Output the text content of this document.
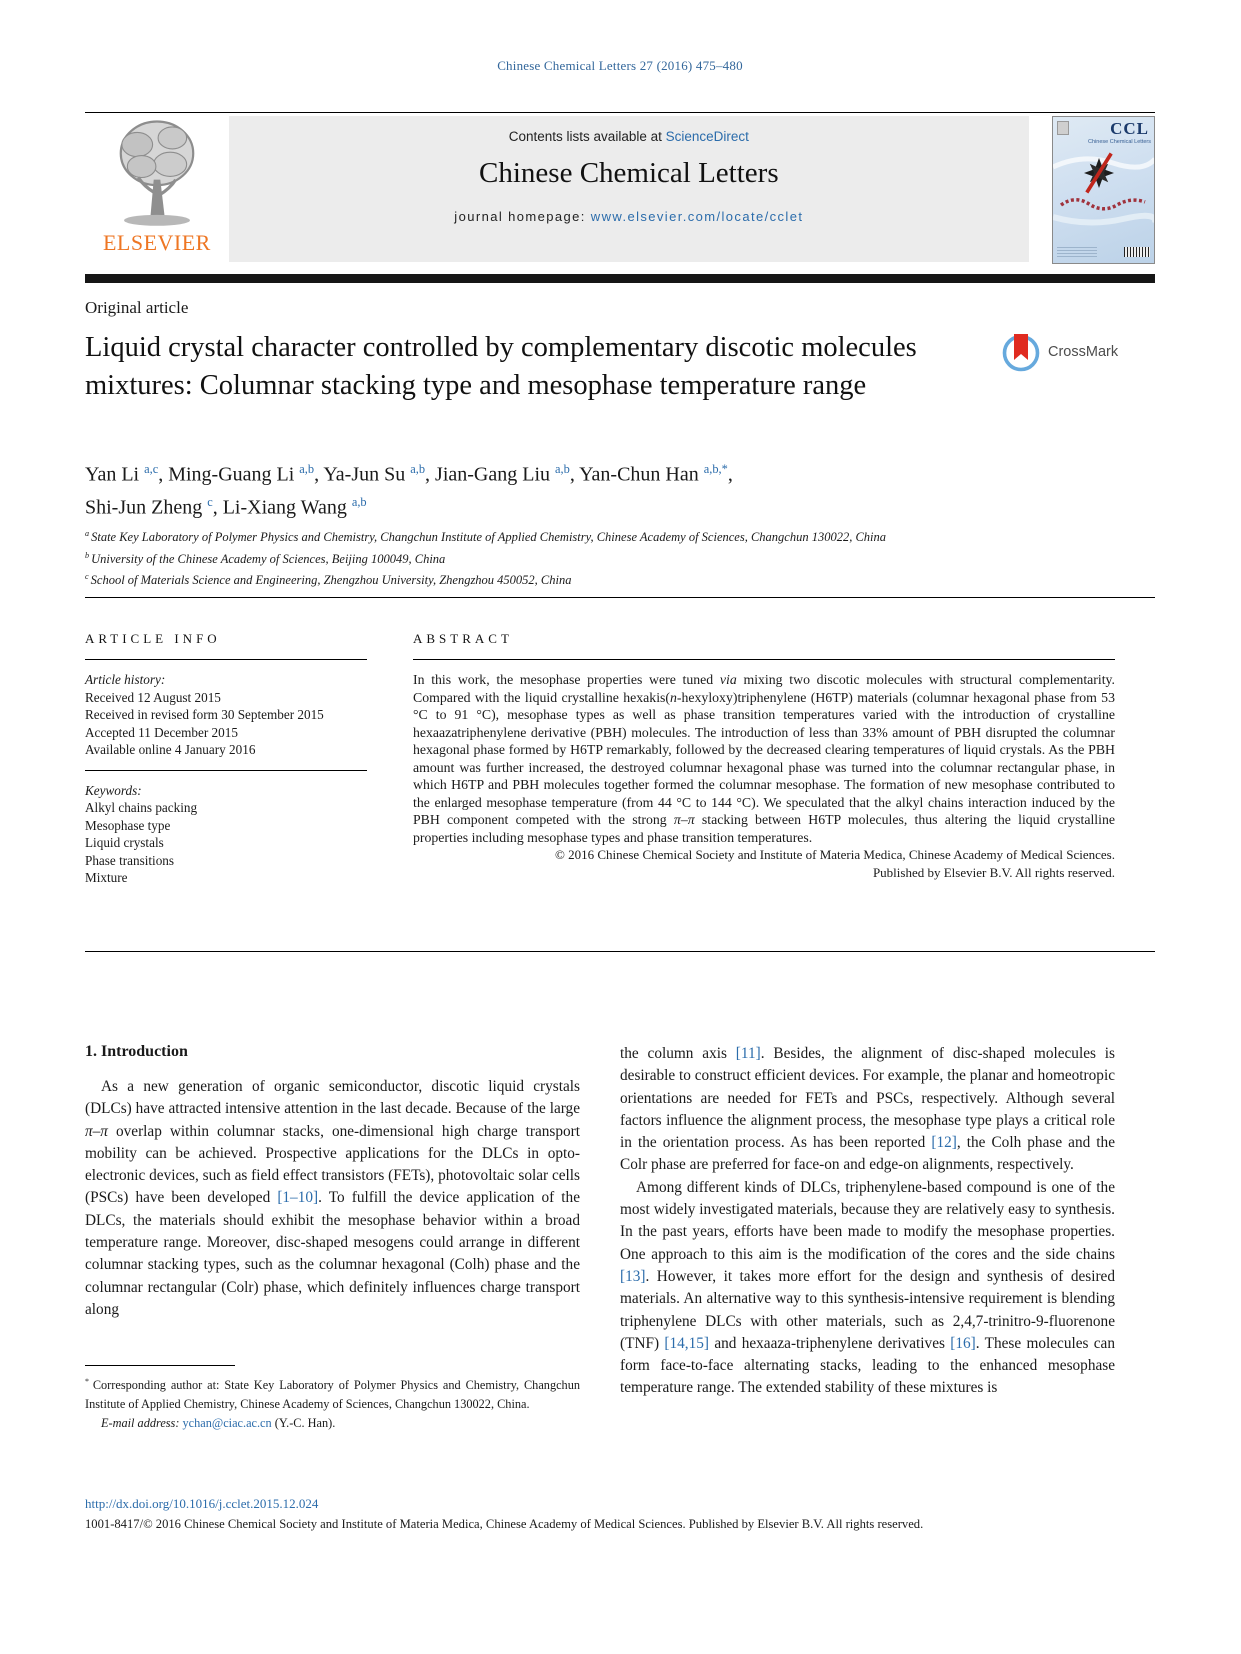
Chinese Chemical Letters 27 (2016) 475–480
ELSEVIER
Contents lists available at ScienceDirect
Chinese Chemical Letters
journal homepage: www.elsevier.com/locate/cclet
CCL
Chinese Chemical Letters
Original article
Liquid crystal character controlled by complementary discotic molecules mixtures: Columnar stacking type and mesophase temperature range
CrossMark
Yan Li $^{a,c}$, Ming-Guang Li $^{a,b}$, Ya-Jun Su $^{a,b}$, Jian-Gang Liu $^{a,b}$, Yan-Chun Han $^{a,b,*}$,
Shi-Jun Zheng $^c$, Li-Xiang Wang $^{a,b}$
$^a$ State Key Laboratory of Polymer Physics and Chemistry, Changchun Institute of Applied Chemistry, Chinese Academy of Sciences, Changchun 130022, China
$^b$ University of the Chinese Academy of Sciences, Beijing 100049, China
$^c$ School of Materials Science and Engineering, Zhengzhou University, Zhengzhou 450052, China
ARTICLE INFO
Article history:
Received 12 August 2015
Received in revised form 30 September 2015
Accepted 11 December 2015
Available online 4 January 2016
Keywords:
Alkyl chains packing
Mesophase type
Liquid crystals
Phase transitions
Mixture
ABSTRACT
In this work, the mesophase properties were tuned via mixing two discotic molecules with structural complementarity. Compared with the liquid crystalline hexakis(n-hexyloxy)triphenylene (H6TP) materials (columnar hexagonal phase from 53 °C to 91 °C), mesophase types as well as phase transition temperatures varied with the introduction of crystalline hexaazatriphenylene derivative (PBH) molecules. The introduction of less than 33% amount of PBH disrupted the columnar hexagonal phase formed by H6TP remarkably, followed by the decreased clearing temperatures of liquid crystals. As the PBH amount was further increased, the destroyed columnar hexagonal phase was turned into the columnar rectangular phase, in which H6TP and PBH molecules together formed the columnar mesophase. The formation of new mesophase contributed to the enlarged mesophase temperature (from 44 °C to 144 °C). We speculated that the alkyl chains interaction induced by the PBH component competed with the strong π–π stacking between H6TP molecules, thus altering the liquid crystalline properties including mesophase types and phase transition temperatures.
© 2016 Chinese Chemical Society and Institute of Materia Medica, Chinese Academy of Medical Sciences.
Published by Elsevier B.V. All rights reserved.
1. Introduction

As a new generation of organic semiconductor, discotic liquid crystals (DLCs) have attracted intensive attention in the last decade. Because of the large π–π overlap within columnar stacks, one-dimensional high charge transport mobility can be achieved. Prospective applications for the DLCs in opto-electronic devices, such as field effect transistors (FETs), photovoltaic solar cells (PSCs) have been developed [1–10]. To fulfill the device application of the DLCs, the materials should exhibit the mesophase behavior within a broad temperature range. Moreover, disc-shaped mesogens could arrange in different columnar stacking types, such as the columnar hexagonal (Colh) phase and the columnar rectangular (Colr) phase, which definitely influences charge transport along

* Corresponding author at: State Key Laboratory of Polymer Physics and Chemistry, Changchun Institute of Applied Chemistry, Chinese Academy of Sciences, Changchun 130022, China.
E-mail address: ychan@ciac.ac.cn (Y.-C. Han).

the column axis [11]. Besides, the alignment of disc-shaped molecules is desirable to construct efficient devices. For example, the planar and homeotropic orientations are needed for FETs and PSCs, respectively. Although several factors influence the alignment process, the mesophase type plays a critical role in the orientation process. As has been reported [12], the Colh phase and the Colr phase are preferred for face-on and edge-on alignments, respectively.

Among different kinds of DLCs, triphenylene-based compound is one of the most widely investigated materials, because they are relatively easy to synthesis. In the past years, efforts have been made to modify the mesophase properties. One approach to this aim is the modification of the cores and the side chains [13]. However, it takes more effort for the design and synthesis of desired materials. An alternative way to this synthesis-intensive requirement is blending triphenylene DLCs with other materials, such as 2,4,7-trinitro-9-fluorenone (TNF) [14,15] and hexaaza-triphenylene derivatives [16]. These molecules can form face-to-face alternating stacks, leading to the enhanced mesophase temperature range. The extended stability of these mixtures is

http://dx.doi.org/10.1016/j.cclet.2015.12.024
1001-8417/© 2016 Chinese Chemical Society and Institute of Materia Medica, Chinese Academy of Medical Sciences. Published by Elsevier B.V. All rights reserved.
